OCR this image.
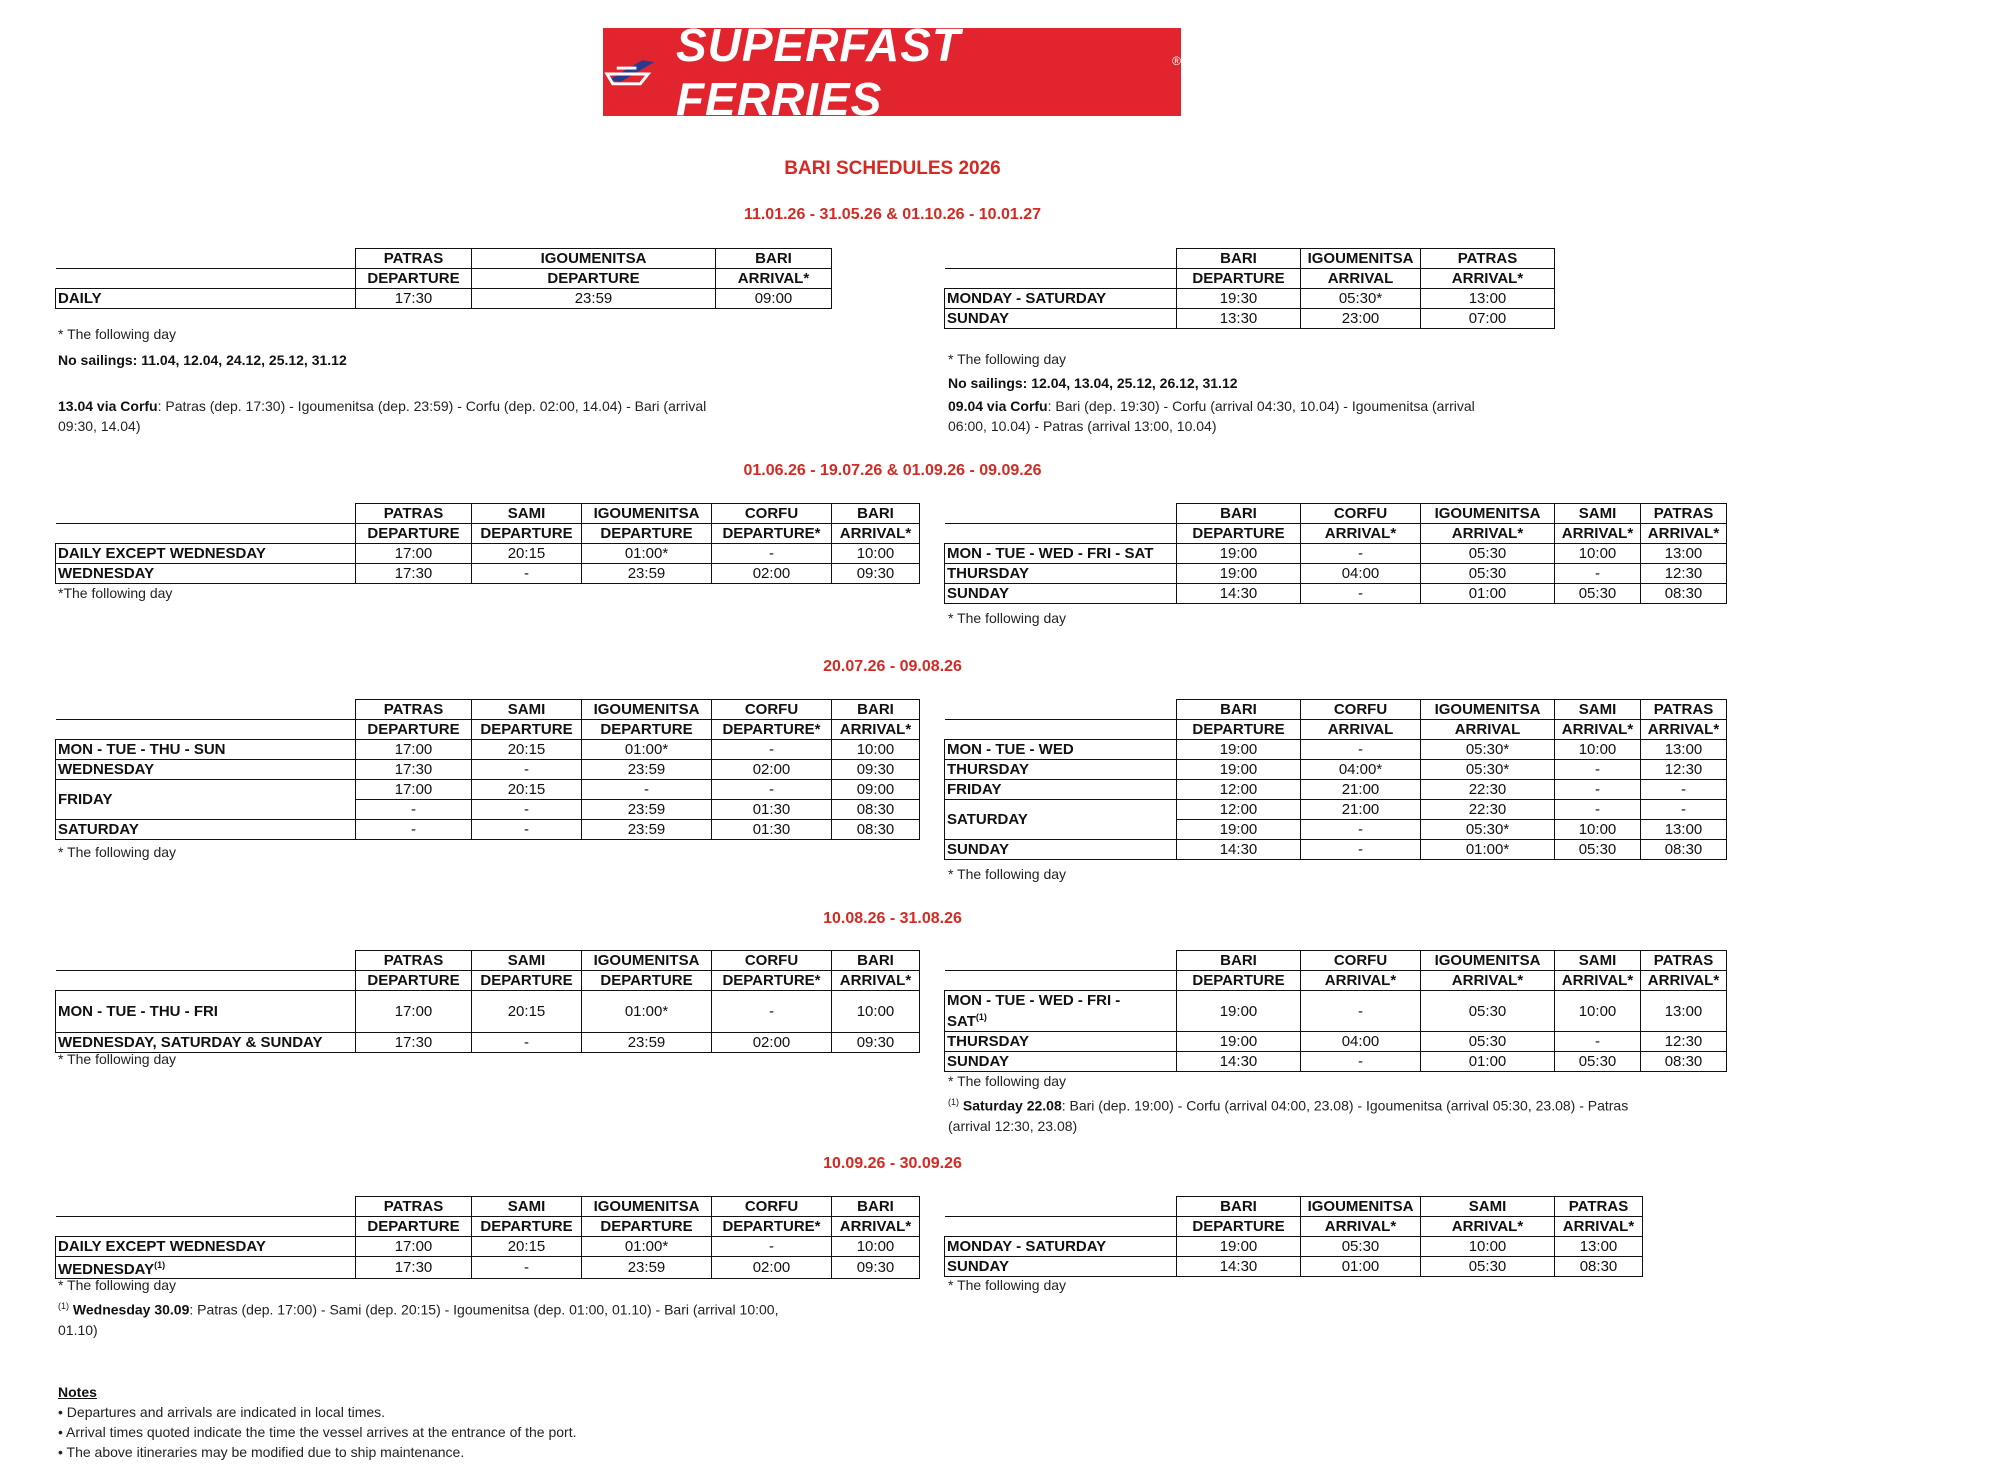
SUPERFAST FERRIES
®
BARI SCHEDULES 2026
11.01.26 - 31.05.26 & 01.10.26 - 10.01.27
	PATRAS	IGOUMENITSA	BARI
	DEPARTURE	DEPARTURE	ARRIVAL*
DAILY	17:30	23:59	09:00
* The following day
No sailings: 11.04, 12.04, 24.12, 25.12, 31.12
13.04 via Corfu: Patras (dep. 17:30) - Igoumenitsa (dep. 23:59) - Corfu (dep. 02:00, 14.04) - Bari (arrival
09:30, 14.04)
	BARI	IGOUMENITSA	PATRAS
	DEPARTURE	ARRIVAL	ARRIVAL*
MONDAY - SATURDAY	19:30	05:30*	13:00
SUNDAY	13:30	23:00	07:00
* The following day
No sailings: 12.04, 13.04, 25.12, 26.12, 31.12
09.04 via Corfu: Bari (dep. 19:30) - Corfu (arrival 04:30, 10.04) - Igoumenitsa (arrival
06:00, 10.04) - Patras (arrival 13:00, 10.04)
01.06.26 - 19.07.26 & 01.09.26 - 09.09.26
	PATRAS	SAMI	IGOUMENITSA	CORFU	BARI
	DEPARTURE	DEPARTURE	DEPARTURE	DEPARTURE*	ARRIVAL*
DAILY EXCEPT WEDNESDAY	17:00	20:15	01:00*	-	10:00
WEDNESDAY	17:30	-	23:59	02:00	09:30
*The following day
	BARI	CORFU	IGOUMENITSA	SAMI	PATRAS
	DEPARTURE	ARRIVAL*	ARRIVAL*	ARRIVAL*	ARRIVAL*
MON - TUE - WED - FRI - SAT	19:00	-	05:30	10:00	13:00
THURSDAY	19:00	04:00	05:30	-	12:30
SUNDAY	14:30	-	01:00	05:30	08:30
* The following day
20.07.26 - 09.08.26
	PATRAS	SAMI	IGOUMENITSA	CORFU	BARI
	DEPARTURE	DEPARTURE	DEPARTURE	DEPARTURE*	ARRIVAL*
MON - TUE - THU - SUN	17:00	20:15	01:00*	-	10:00
WEDNESDAY	17:30	-	23:59	02:00	09:30
FRIDAY	17:00	20:15	-	-	09:00
	-	-	23:59	01:30	08:30
SATURDAY	-	-	23:59	01:30	08:30
* The following day
	BARI	CORFU	IGOUMENITSA	SAMI	PATRAS
	DEPARTURE	ARRIVAL	ARRIVAL	ARRIVAL*	ARRIVAL*
MON - TUE - WED	19:00	-	05:30*	10:00	13:00
THURSDAY	19:00	04:00*	05:30*	-	12:30
FRIDAY	12:00	21:00	22:30	-	-
SATURDAY	12:00	21:00	22:30	-	-
	19:00	-	05:30*	10:00	13:00
SUNDAY	14:30	-	01:00*	05:30	08:30
* The following day
10.08.26 - 31.08.26
	PATRAS	SAMI	IGOUMENITSA	CORFU	BARI
	DEPARTURE	DEPARTURE	DEPARTURE	DEPARTURE*	ARRIVAL*
MON - TUE - THU - FRI	17:00	20:15	01:00*	-	10:00
WEDNESDAY, SATURDAY & SUNDAY	17:30	-	23:59	02:00	09:30
* The following day
	BARI	CORFU	IGOUMENITSA	SAMI	PATRAS
	DEPARTURE	ARRIVAL*	ARRIVAL*	ARRIVAL*	ARRIVAL*
MON - TUE - WED - FRI -
SAT$^{(1)}$	19:00	-	05:30	10:00	13:00
THURSDAY	19:00	04:00	05:30	-	12:30
SUNDAY	14:30	-	01:00	05:30	08:30
* The following day
$^{(1)}$ Saturday 22.08: Bari (dep. 19:00) - Corfu (arrival 04:00, 23.08) - Igoumenitsa (arrival 05:30, 23.08) - Patras
(arrival 12:30, 23.08)
10.09.26 - 30.09.26
	PATRAS	SAMI	IGOUMENITSA	CORFU	BARI
	DEPARTURE	DEPARTURE	DEPARTURE	DEPARTURE*	ARRIVAL*
DAILY EXCEPT WEDNESDAY	17:00	20:15	01:00*	-	10:00
WEDNESDAY$^{(1)}$	17:30	-	23:59	02:00	09:30
* The following day
$^{(1)}$ Wednesday 30.09: Patras (dep. 17:00) - Sami (dep. 20:15) - Igoumenitsa (dep. 01:00, 01.10) - Bari (arrival 10:00,
01.10)
	BARI	IGOUMENITSA	SAMI	PATRAS
	DEPARTURE	ARRIVAL*	ARRIVAL*	ARRIVAL*
MONDAY - SATURDAY	19:00	05:30	10:00	13:00
SUNDAY	14:30	01:00	05:30	08:30
* The following day
Notes
• Departures and arrivals are indicated in local times.
• Arrival times quoted indicate the time the vessel arrives at the entrance of the port.
• The above itineraries may be modified due to ship maintenance.
